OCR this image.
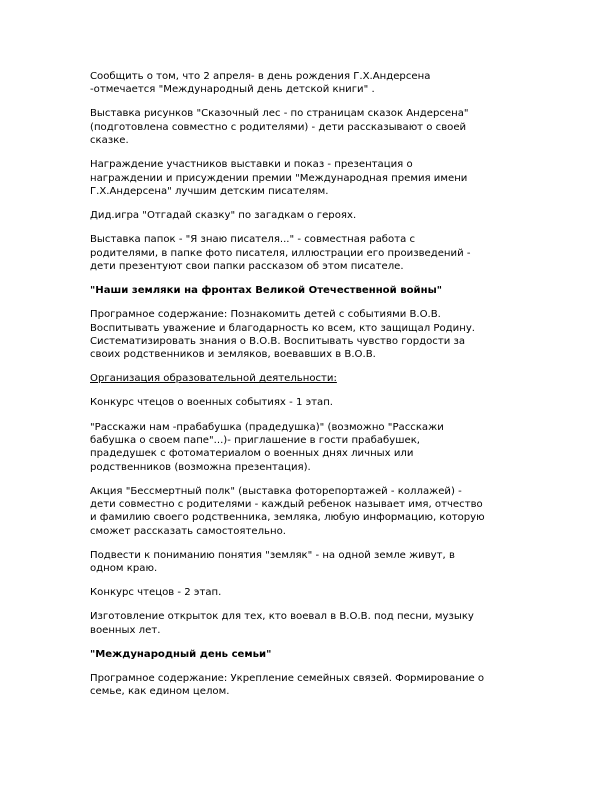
Сообщить о том, что 2 апреля- в день рождения Г.Х.Андерсена
-отмечается "Международный день детской книги" .

Выставка рисунков "Сказочный лес - по страницам сказок Андерсена"
(подготовлена совместно с родителями) - дети рассказывают о своей
сказке.

Награждение участников выставки и показ - презентация о
награждении и присуждении премии "Международная премия имени
Г.Х.Андерсена" лучшим детским писателям.

Дид.игра "Отгадай сказку" по загадкам о героях.

Выставка папок - "Я знаю писателя..." - совместная работа с
родителями, в папке фото писателя, иллюстрации его произведений -
дети презентуют свои папки рассказом об этом писателе.

"Наши земляки на фронтах Великой Отечественной войны"

Програмное содержание: Познакомить детей с событиями В.О.В.
Воспитывать уважение и благодарность ко всем, кто защищал Родину.
Систематизировать знания о В.О.В. Воспитывать чувство гордости за
своих родственников и земляков, воевавших в В.О.В.

Организация образовательной деятельности:

Конкурс чтецов о военных событиях - 1 этап.

"Расскажи нам -прабабушка (прадедушка)" (возможно "Расскажи
бабушка о своем папе"...)- приглашение в гости прабабушек,
прадедушек с фотоматериалом о военных днях личных или
родственников (возможна презентация).

Акция "Бессмертный полк" (выставка фоторепортажей - коллажей) -
дети совместно с родителями - каждый ребенок называет имя, отчество
и фамилию своего родственника, земляка, любую информацию, которую
сможет рассказать самостоятельно.

Подвести к пониманию понятия "земляк" - на одной земле живут, в
одном краю.

Конкурс чтецов - 2 этап.

Изготовление открыток для тех, кто воевал в В.О.В. под песни, музыку
военных лет.

"Международный день семьи"

Програмное содержание: Укрепление семейных связей. Формирование о
семье, как едином целом.
